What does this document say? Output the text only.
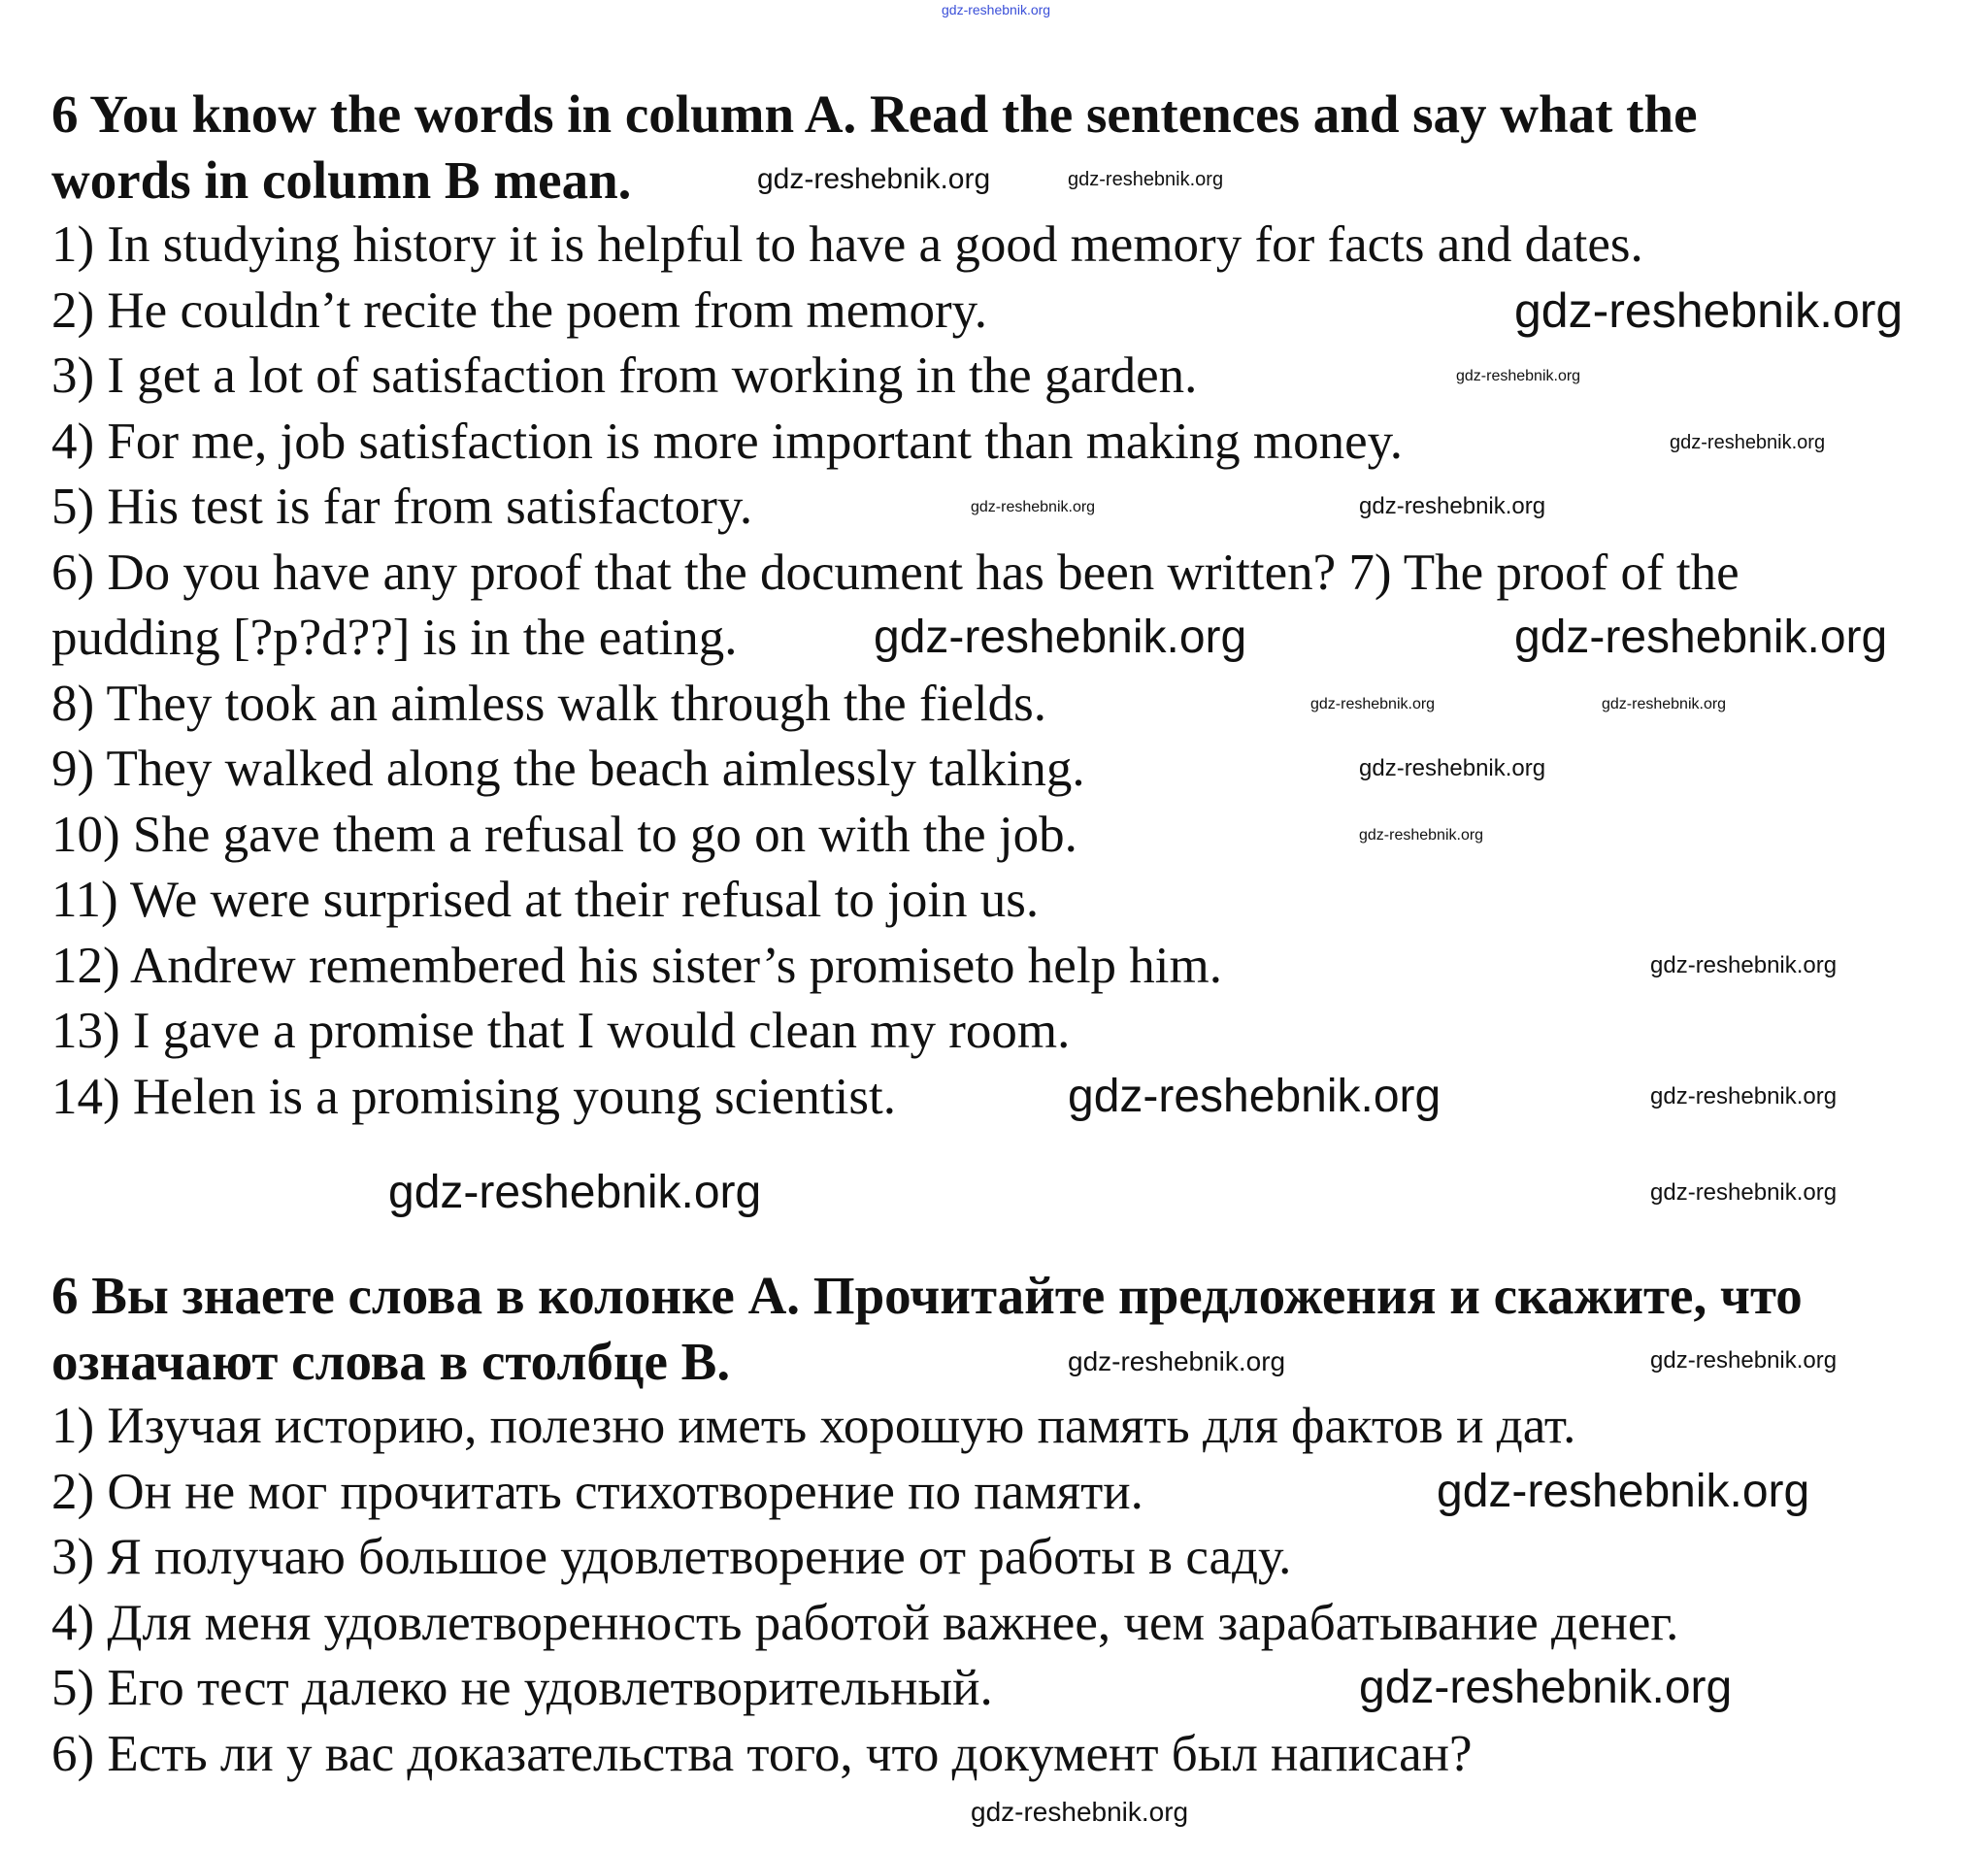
6 You know the words in column A. Read the sentences and say what the
words in column B mean.
1) In studying history it is helpful to have a good memory for facts and dates.
2) He couldn’t recite the poem from memory.
3) I get a lot of satisfaction from working in the garden.
4) For me, job satisfaction is more important than making money.
5) His test is far from satisfactory.
6) Do you have any proof that the document has been written? 7) The proof of the
pudding [?p?d??] is in the eating.
8) They took an aimless walk through the fields.
9) They walked along the beach aimlessly talking.
10) She gave them a refusal to go on with the job.
11) We were surprised at their refusal to join us.
12) Andrew remembered his sister’s promiseto help him.
13) I gave a promise that I would clean my room.
14) Helen is a promising young scientist.
6 Вы знаете слова в колонке А. Прочитайте предложения и скажите, что
означают слова в столбце В.
1) Изучая историю, полезно иметь хорошую память для фактов и дат.
2) Он не мог прочитать стихотворение по памяти.
3) Я получаю большое удовлетворение от работы в саду.
4) Для меня удовлетворенность работой важнее, чем зарабатывание денег.
5) Его тест далеко не удовлетворительный.
6) Есть ли у вас доказательства того, что документ был написан?
gdz-reshebnik.org
gdz-reshebnik.org	gdz-reshebnik.org
gdz-reshebnik.org
gdz-reshebnik.org
gdz-reshebnik.org
gdz-reshebnik.org	gdz-reshebnik.org
gdz-reshebnik.org	gdz-reshebnik.org
gdz-reshebnik.org	gdz-reshebnik.org
gdz-reshebnik.org
gdz-reshebnik.org
gdz-reshebnik.org
gdz-reshebnik.org	gdz-reshebnik.org
gdz-reshebnik.org	gdz-reshebnik.org
gdz-reshebnik.org
gdz-reshebnik.org
gdz-reshebnik.org
gdz-reshebnik.org
gdz-reshebnik.org
